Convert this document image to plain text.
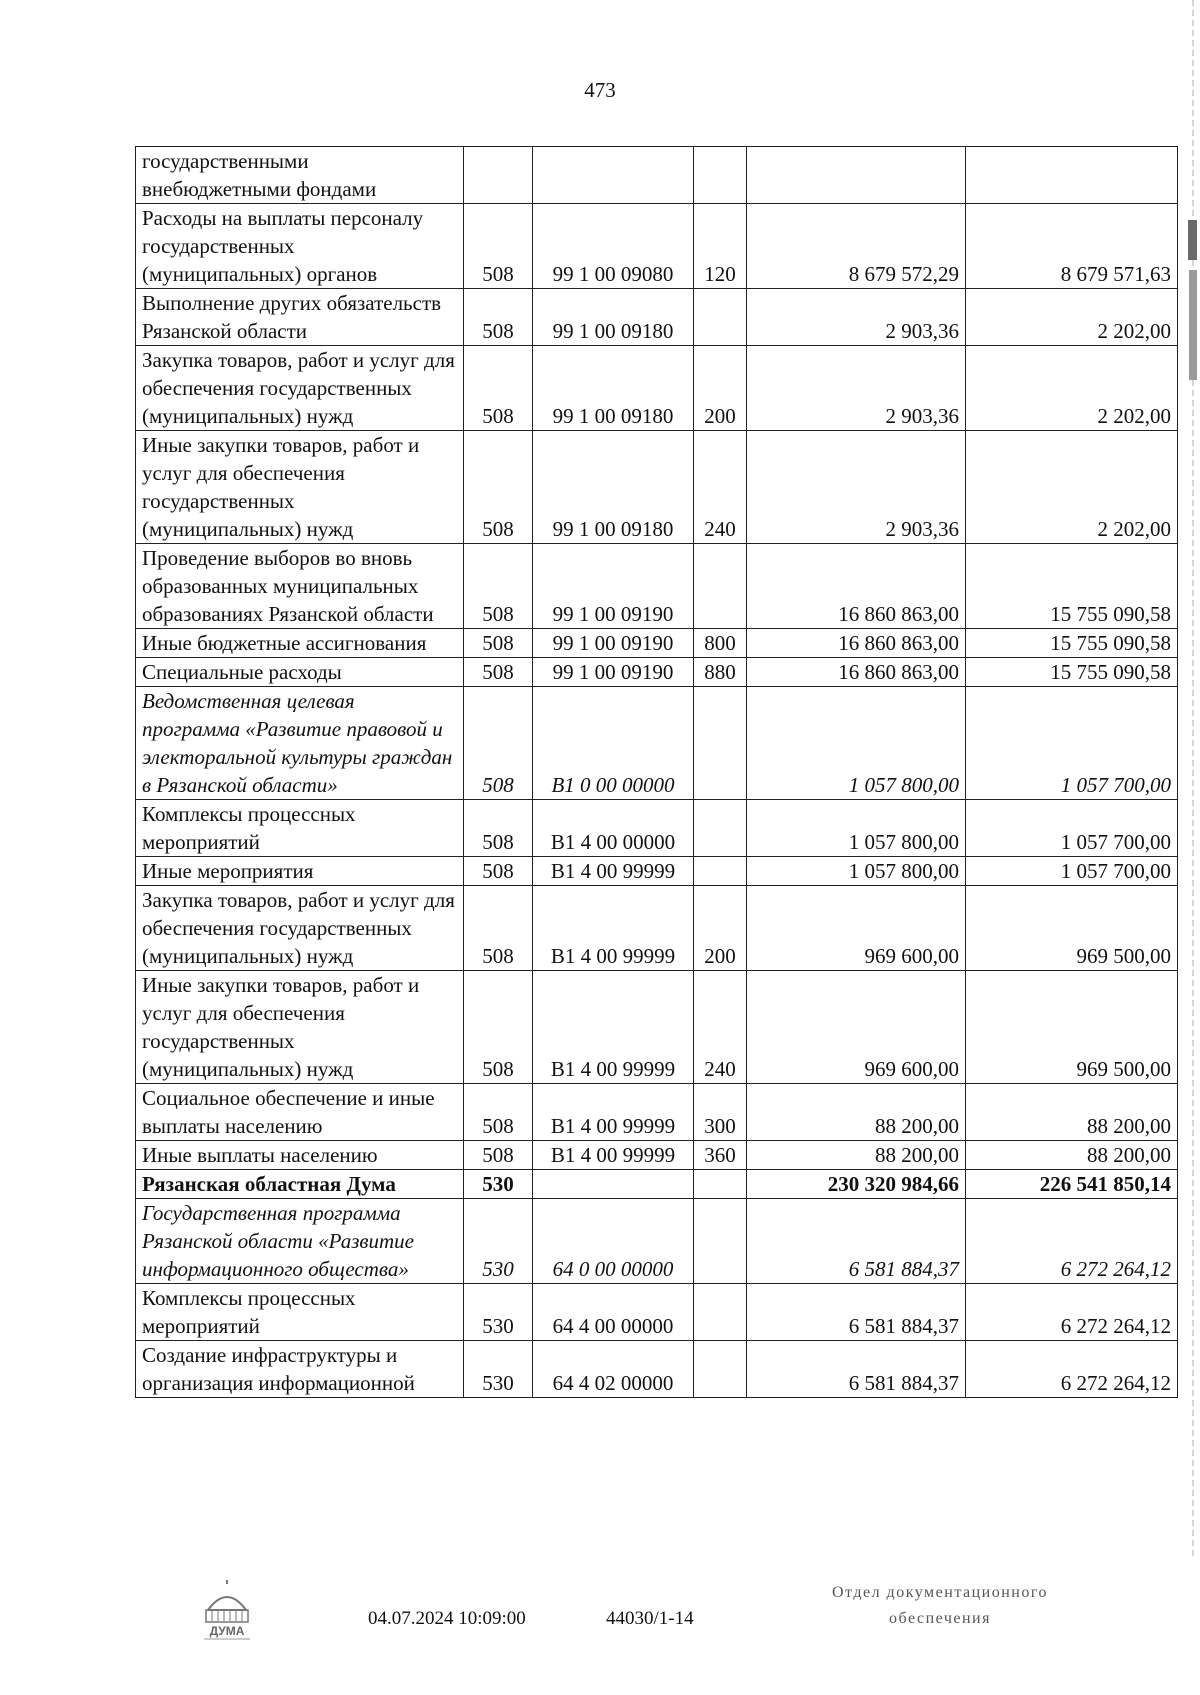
473
государственными внебюджетными фондами					
Расходы на выплаты персоналу государственных (муниципальных) органов	508	99 1 00 09080	120	8 679 572,29	8 679 571,63
Выполнение других обязательств Рязанской области	508	99 1 00 09180		2 903,36	2 202,00
Закупка товаров, работ и услуг для обеспечения государственных (муниципальных) нужд	508	99 1 00 09180	200	2 903,36	2 202,00
Иные закупки товаров, работ и услуг для обеспечения государственных (муниципальных) нужд	508	99 1 00 09180	240	2 903,36	2 202,00
Проведение выборов во вновь образованных муниципальных образованиях Рязанской области	508	99 1 00 09190		16 860 863,00	15 755 090,58
Иные бюджетные ассигнования	508	99 1 00 09190	800	16 860 863,00	15 755 090,58
Специальные расходы	508	99 1 00 09190	880	16 860 863,00	15 755 090,58
Ведомственная целевая программа «Развитие правовой и электоральной культуры граждан в Рязанской области»	508	В1 0 00 00000		1 057 800,00	1 057 700,00
Комплексы процессных мероприятий	508	В1 4 00 00000		1 057 800,00	1 057 700,00
Иные мероприятия	508	В1 4 00 99999		1 057 800,00	1 057 700,00
Закупка товаров, работ и услуг для обеспечения государственных (муниципальных) нужд	508	В1 4 00 99999	200	969 600,00	969 500,00
Иные закупки товаров, работ и услуг для обеспечения государственных (муниципальных) нужд	508	В1 4 00 99999	240	969 600,00	969 500,00
Социальное обеспечение и иные выплаты населению	508	В1 4 00 99999	300	88 200,00	88 200,00
Иные выплаты населению	508	В1 4 00 99999	360	88 200,00	88 200,00
Рязанская областная Дума	530			230 320 984,66	226 541 850,14
Государственная программа Рязанской области «Развитие информационного общества»	530	64 0 00 00000		6 581 884,37	6 272 264,12
Комплексы процессных мероприятий	530	64 4 00 00000		6 581 884,37	6 272 264,12
Создание инфраструктуры и организация информационной	530	64 4 02 00000		6 581 884,37	6 272 264,12
ДУМА
04.07.2024 10:09:00	44030/1-14
Отдел документационного
обеспечения
